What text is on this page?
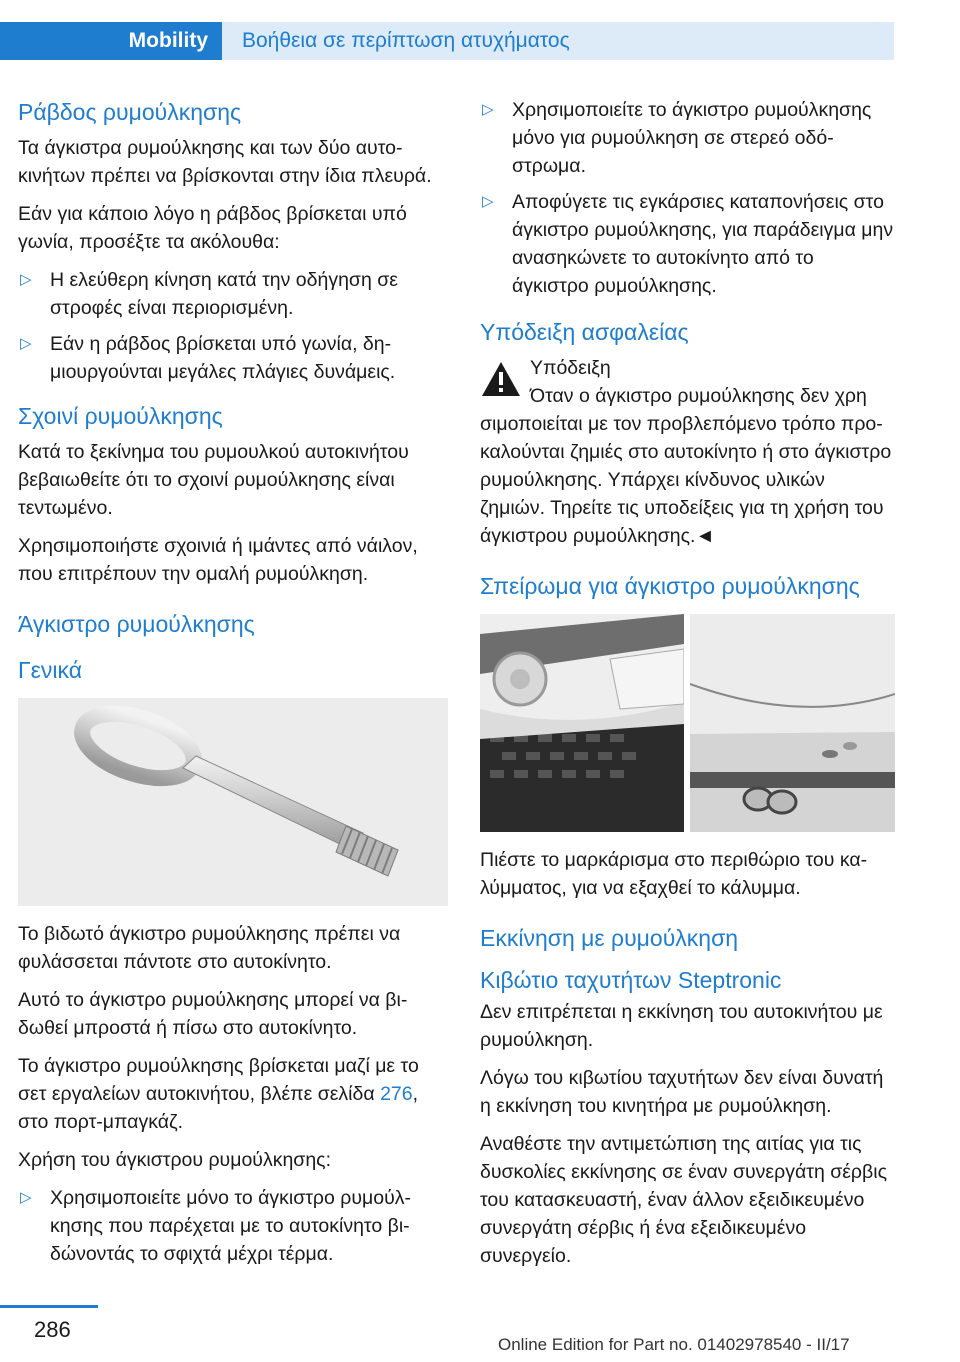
Mobility	Βοήθεια σε περίπτωση ατυχήματος
Ράβδος ρυμούλκησης

Τα άγκιστρα ρυμούλκησης και των δύο αυτοκινήτων πρέπει να βρίσκονται στην ίδια πλευρά.

Εάν για κάποιο λόγο η ράβδος βρίσκεται υπό γωνία, προσέξτε τα ακόλουθα:

▷ Η ελεύθερη κίνηση κατά την οδήγηση σε στροφές είναι περιορισμένη.
▷ Εάν η ράβδος βρίσκεται υπό γωνία, δημιουργούνται μεγάλες πλάγιες δυνάμεις.
Σχοινί ρυμούλκησης

Κατά το ξεκίνημα του ρυμουλκού αυτοκινήτου βεβαιωθείτε ότι το σχοινί ρυμούλκησης είναι τεντωμένο.

Χρησιμοποιήστε σχοινιά ή ιμάντες από νάιλον, που επιτρέπουν την ομαλή ρυμούλκηση.

Άγκιστρο ρυμούλκησης
Γενικά

Το βιδωτό άγκιστρο ρυμούλκησης πρέπει να φυλάσσεται πάντοτε στο αυτοκίνητο.

Αυτό το άγκιστρο ρυμούλκησης μπορεί να βιδωθεί μπροστά ή πίσω στο αυτοκίνητο.

Το άγκιστρο ρυμούλκησης βρίσκεται μαζί με το σετ εργαλείων αυτοκινήτου, βλέπε σελίδα 276, στο πορτ-μπαγκάζ.

Χρήση του άγκιστρου ρυμούλκησης:

▷ Χρησιμοποιείτε μόνο το άγκιστρο ρυμούλκησης που παρέχεται με το αυτοκίνητο βιδώνοντάς το σφιχτά μέχρι τέρμα.
▷ Χρησιμοποιείτε το άγκιστρο ρυμούλκησης μόνο για ρυμούλκηση σε στερεό οδόστρωμα.
▷ Αποφύγετε τις εγκάρσιες καταπονήσεις στο άγκιστρο ρυμούλκησης, για παράδειγμα μην ανασηκώνετε το αυτοκίνητο από το άγκιστρο ρυμούλκησης.
Υπόδειξη ασφαλείας

Υπόδειξη

Όταν ο άγκιστρο ρυμούλκησης δεν χρη

σιμοποιείται με τον προβλεπόμενο τρόπο προκαλούνται ζημιές στο αυτοκίνητο ή στο άγκιστρο ρυμούλκησης. Υπάρχει κίνδυνος υλικών ζημιών. Τηρείτε τις υποδείξεις για τη χρήση του άγκιστρου ρυμούλκησης.◄

Σπείρωμα για άγκιστρο ρυμούλκησης

Πιέστε το μαρκάρισμα στο περιθώριο του καλύμματος, για να εξαχθεί το κάλυμμα.

Εκκίνηση με ρυμούλκηση
Κιβώτιο ταχυτήτων Steptronic

Δεν επιτρέπεται η εκκίνηση του αυτοκινήτου με ρυμούλκηση.

Λόγω του κιβωτίου ταχυτήτων δεν είναι δυνατή η εκκίνηση του κινητήρα με ρυμούλκηση.

Αναθέστε την αντιμετώπιση της αιτίας για τις δυσκολίες εκκίνησης σε έναν συνεργάτη σέρβις του κατασκευαστή, έναν άλλον εξειδικευμένο συνεργάτη σέρβις ή ένα εξειδικευμένο συνεργείο.

286
Online Edition for Part no. 01402978540 - II/17
